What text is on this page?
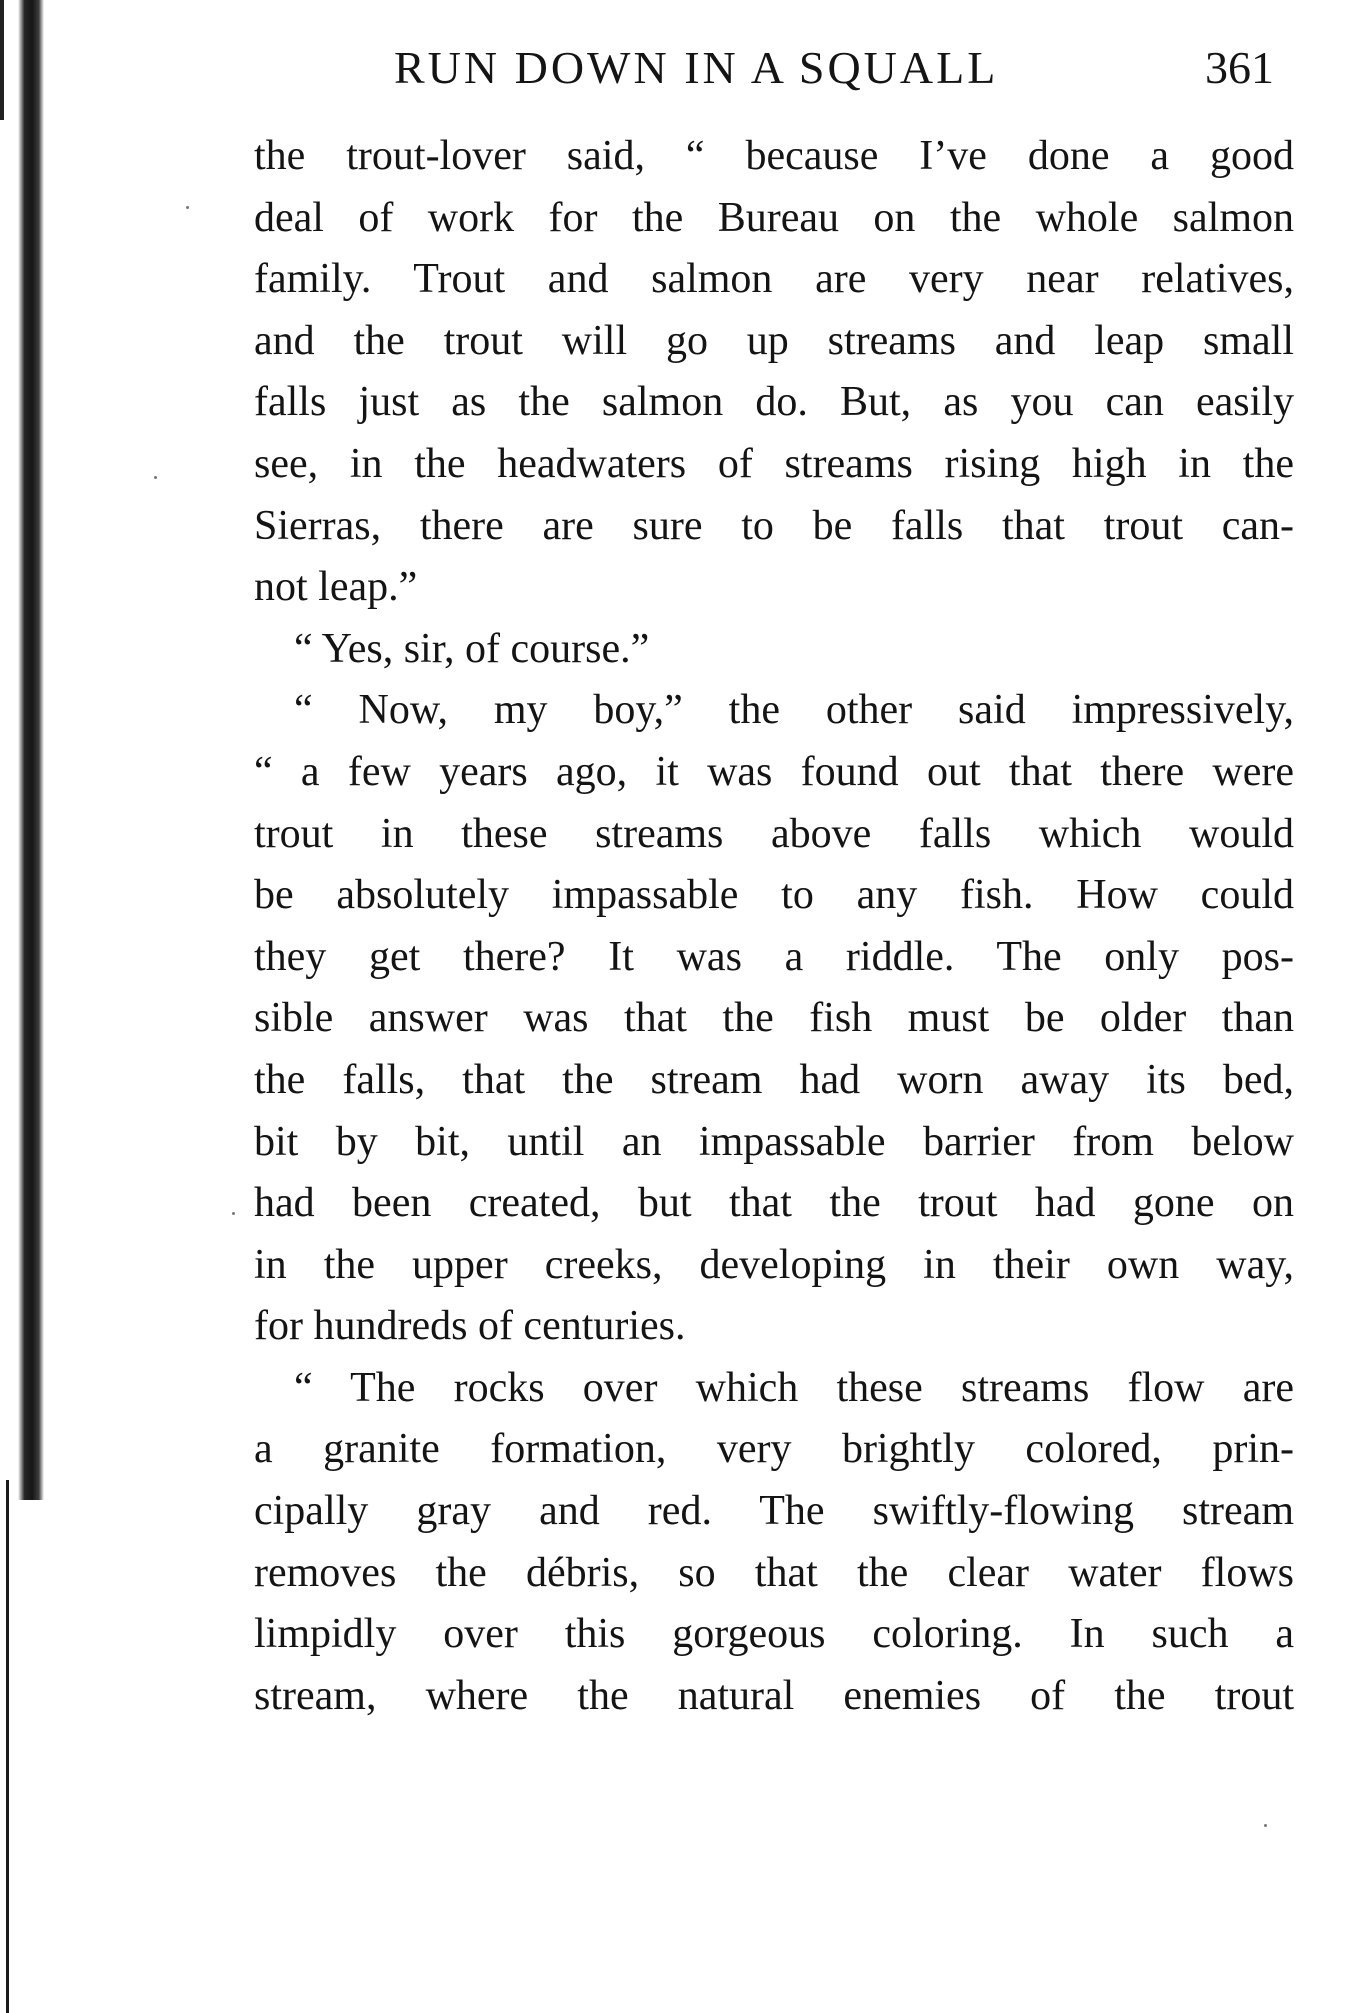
RUN DOWN IN A SQUALL	361
the trout-lover said, “ because I’ve done a good
deal of work for the Bureau on the whole salmon
family. Trout and salmon are very near relatives,
and the trout will go up streams and leap small
falls just as the salmon do. But, as you can easily
see, in the headwaters of streams rising high in the
Sierras, there are sure to be falls that trout can-
not leap.”
“ Yes, sir, of course.”
“ Now, my boy,” the other said impressively,
“ a few years ago, it was found out that there were
trout in these streams above falls which would
be absolutely impassable to any fish. How could
they get there? It was a riddle. The only pos-
sible answer was that the fish must be older than
the falls, that the stream had worn away its bed,
bit by bit, until an impassable barrier from below
had been created, but that the trout had gone on
in the upper creeks, developing in their own way,
for hundreds of centuries.
“ The rocks over which these streams flow are
a granite formation, very brightly colored, prin-
cipally gray and red. The swiftly-flowing stream
removes the débris, so that the clear water flows
limpidly over this gorgeous coloring. In such a
stream, where the natural enemies of the trout
